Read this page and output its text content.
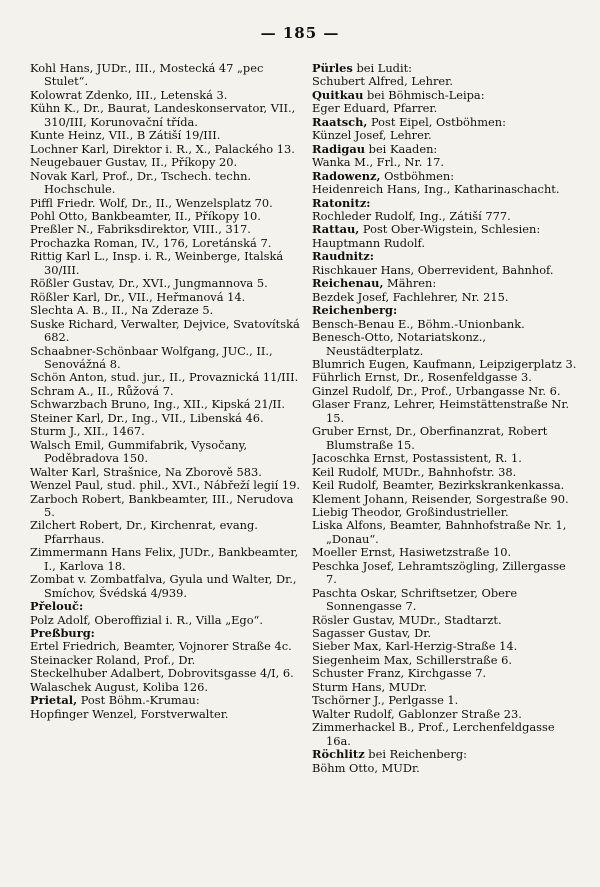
— 185 —

Kohl Hans, JUDr., III., Mostecká 47 „pec Stulet“.

Kolowrat Zdenko, III., Letenská 3.

Kühn K., Dr., Baurat, Landeskonservator, VII., 310/III, Korunovační třída.

Kunte Heinz, VII., B Zátiší 19/III.

Lochner Karl, Direktor i. R., X., Palackého 13.

Neugebauer Gustav, II., Příkopy 20.

Novak Karl, Prof., Dr., Tschech. techn. Hochschule.

Piffl Friedr. Wolf, Dr., II., Wenzelsplatz 70.

Pohl Otto, Bankbeamter, II., Příkopy 10.

Preßler N., Fabriksdirektor, VIII., 317.

Prochazka Roman, IV., 176, Loretánská 7.

Rittig Karl L., Insp. i. R., Weinberge, Italská 30/III.

Rößler Gustav, Dr., XVI., Jungmannova 5.

Rößler Karl, Dr., VII., Heřmanová 14.

Slechta A. B., II., Na Zderaze 5.

Suske Richard, Verwalter, Dejvice, Svatovítská 682.

Schaabner-Schönbaar Wolfgang, JUC., II., Senovážná 8.

Schön Anton, stud. jur., II., Provaznická 11/III.

Schram A., II., Růžová 7.

Schwarzbach Bruno, Ing., XII., Kipská 21/II.

Steiner Karl, Dr., Ing., VII., Libenská 46.

Sturm J., XII., 1467.

Walsch Emil, Gummifabrik, Vysočany, Poděbradova 150.

Walter Karl, Strašnice, Na Zborově 583.

Wenzel Paul, stud. phil., XVI., Nábřeží legií 19.

Zarboch Robert, Bankbeamter, III., Nerudova 5.

Zilchert Robert, Dr., Kirchenrat, evang. Pfarrhaus.

Zimmermann Hans Felix, JUDr., Bankbeamter, I., Karlova 18.

Zombat v. Zombatfalva, Gyula und Walter, Dr., Smíchov, Švédská 4/939.

Přelouč:

Polz Adolf, Oberoffizial i. R., Villa „Ego“.

Preßburg:

Ertel Friedrich, Beamter, Vojnorer Straße 4c.

Steinacker Roland, Prof., Dr.

Steckelhuber Adalbert, Dobrovitsgasse 4/I, 6.

Walaschek August, Koliba 126.

Prietal, Post Böhm.-Krumau:

Hopfinger Wenzel, Forstverwalter.

Pürles bei Ludit:

Schubert Alfred, Lehrer.

Quitkau bei Böhmisch-Leipa:

Eger Eduard, Pfarrer.

Raatsch, Post Eipel, Ostböhmen:

Künzel Josef, Lehrer.

Radigau bei Kaaden:

Wanka M., Frl., Nr. 17.

Radowenz, Ostböhmen:

Heidenreich Hans, Ing., Katharinaschacht.

Ratonitz:

Rochleder Rudolf, Ing., Zátiší 777.

Rattau, Post Ober-Wigstein, Schlesien:

Hauptmann Rudolf.

Raudnitz:

Rischkauer Hans, Oberrevident, Bahnhof.

Reichenau, Mähren:

Bezdek Josef, Fachlehrer, Nr. 215.

Reichenberg:

Bensch-Benau E., Böhm.-Unionbank.

Benesch-Otto, Notariatskonz., Neustädterplatz.

Blumrich Eugen, Kaufmann, Leipzigerplatz 3.

Führlich Ernst, Dr., Rosenfeldgasse 3.

Ginzel Rudolf, Dr., Prof., Urbangasse Nr. 6.

Glaser Franz, Lehrer, Heimstättenstraße Nr. 15.

Gruber Ernst, Dr., Oberfinanzrat, Robert Blumstraße 15.

Jacoschka Ernst, Postassistent, R. 1.

Keil Rudolf, MUDr., Bahnhofstr. 38.

Keil Rudolf, Beamter, Bezirkskrankenkassa.

Klement Johann, Reisender, Sorgestraße 90.

Liebig Theodor, Großindustrieller.

Liska Alfons, Beamter, Bahnhofstraße Nr. 1, „Donau“.

Moeller Ernst, Hasiwetzstraße 10.

Peschka Josef, Lehramtszögling, Zillergasse 7.

Paschta Oskar, Schriftsetzer, Obere Sonnengasse 7.

Rösler Gustav, MUDr., Stadtarzt.

Sagasser Gustav, Dr.

Sieber Max, Karl-Herzig-Straße 14.

Siegenheim Max, Schillerstraße 6.

Schuster Franz, Kirchgasse 7.

Sturm Hans, MUDr.

Tschörner J., Perlgasse 1.

Walter Rudolf, Gablonzer Straße 23.

Zimmerhackel B., Prof., Lerchenfeldgasse 16a.

Röchlitz bei Reichenberg:

Böhm Otto, MUDr.
